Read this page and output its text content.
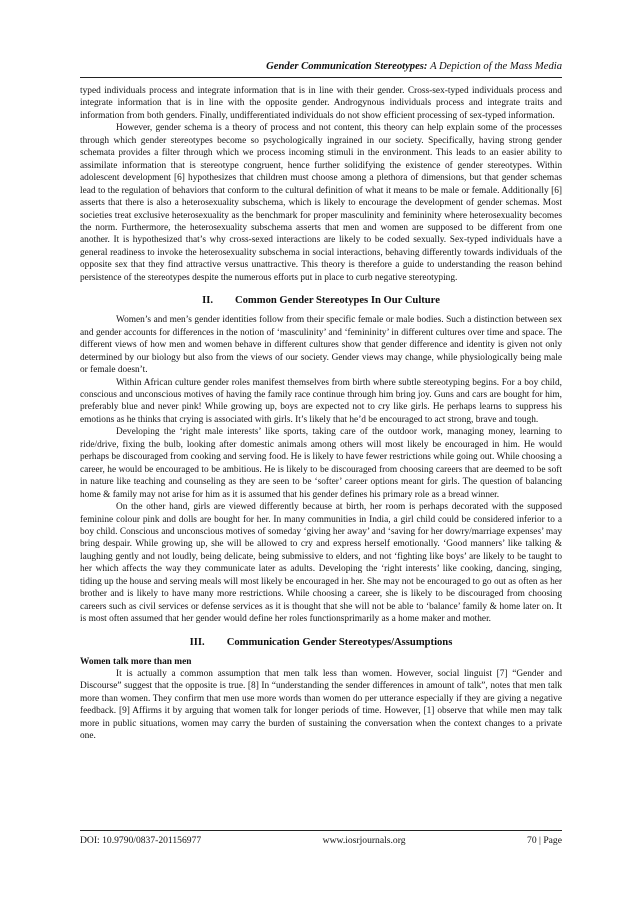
Gender Communication Stereotypes: A Depiction of the Mass Media

typed individuals process and integrate information that is in line with their gender. Cross-sex-typed individuals process and integrate information that is in line with the opposite gender. Androgynous individuals process and integrate traits and information from both genders. Finally, undifferentiated individuals do not show efficient processing of sex-typed information.

However, gender schema is a theory of process and not content, this theory can help explain some of the processes through which gender stereotypes become so psychologically ingrained in our society. Specifically, having strong gender schemata provides a filter through which we process incoming stimuli in the environment. This leads to an easier ability to assimilate information that is stereotype congruent, hence further solidifying the existence of gender stereotypes. Within adolescent development [6] hypothesizes that children must choose among a plethora of dimensions, but that gender schemas lead to the regulation of behaviors that conform to the cultural definition of what it means to be male or female. Additionally [6] asserts that there is also a heterosexuality subschema, which is likely to encourage the development of gender schemas. Most societies treat exclusive heterosexuality as the benchmark for proper masculinity and femininity where heterosexuality becomes the norm. Furthermore, the heterosexuality subschema asserts that men and women are supposed to be different from one another. It is hypothesized that’s why cross-sexed interactions are likely to be coded sexually. Sex-typed individuals have a general readiness to invoke the heterosexuality subschema in social interactions, behaving differently towards individuals of the opposite sex that they find attractive versus unattractive. This theory is therefore a guide to understanding the reason behind persistence of the stereotypes despite the numerous efforts put in place to curb negative stereotyping.

II. Common Gender Stereotypes In Our Culture

Women’s and men’s gender identities follow from their specific female or male bodies. Such a distinction between sex and gender accounts for differences in the notion of ‘masculinity’ and ‘femininity’ in different cultures over time and space. The different views of how men and women behave in different cultures show that gender difference and identity is given not only determined by our biology but also from the views of our society. Gender views may change, while physiologically being male or female doesn’t.

Within African culture gender roles manifest themselves from birth where subtle stereotyping begins. For a boy child, conscious and unconscious motives of having the family race continue through him bring joy. Guns and cars are bought for him, preferably blue and never pink! While growing up, boys are expected not to cry like girls. He perhaps learns to suppress his emotions as he thinks that crying is associated with girls. It’s likely that he’d be encouraged to act strong, brave and tough.

Developing the ‘right male interests’ like sports, taking care of the outdoor work, managing money, learning to ride/drive, fixing the bulb, looking after domestic animals among others will most likely be encouraged in him. He would perhaps be discouraged from cooking and serving food. He is likely to have fewer restrictions while going out. While choosing a career, he would be encouraged to be ambitious. He is likely to be discouraged from choosing careers that are deemed to be soft in nature like teaching and counseling as they are seen to be ‘softer’ career options meant for girls. The question of balancing home & family may not arise for him as it is assumed that his gender defines his primary role as a bread winner.

On the other hand, girls are viewed differently because at birth, her room is perhaps decorated with the supposed feminine colour pink and dolls are bought for her. In many communities in India, a girl child could be considered inferior to a boy child. Conscious and unconscious motives of someday ‘giving her away’ and ‘saving for her dowry/marriage expenses’ may bring despair. While growing up, she will be allowed to cry and express herself emotionally. ‘Good manners’ like talking & laughing gently and not loudly, being delicate, being submissive to elders, and not ‘fighting like boys’ are likely to be taught to her which affects the way they communicate later as adults. Developing the ‘right interests’ like cooking, dancing, singing, tiding up the house and serving meals will most likely be encouraged in her. She may not be encouraged to go out as often as her brother and is likely to have many more restrictions. While choosing a career, she is likely to be discouraged from choosing careers such as civil services or defense services as it is thought that she will not be able to ‘balance’ family & home later on. It is most often assumed that her gender would define her roles functionsprimarily as a home maker and mother.

III. Communication Gender Stereotypes/Assumptions
Women talk more than men

It is actually a common assumption that men talk less than women. However, social linguist [7] “Gender and Discourse” suggest that the opposite is true. [8] In “understanding the sender differences in amount of talk”, notes that men talk more than women. They confirm that men use more words than women do per utterance especially if they are giving a negative feedback. [9] Affirms it by arguing that women talk for longer periods of time. However, [1] observe that while men may talk more in public situations, women may carry the burden of sustaining the conversation when the context changes to a private one.

DOI: 10.9790/0837-201156977	www.iosrjournals.org	70 | Page
